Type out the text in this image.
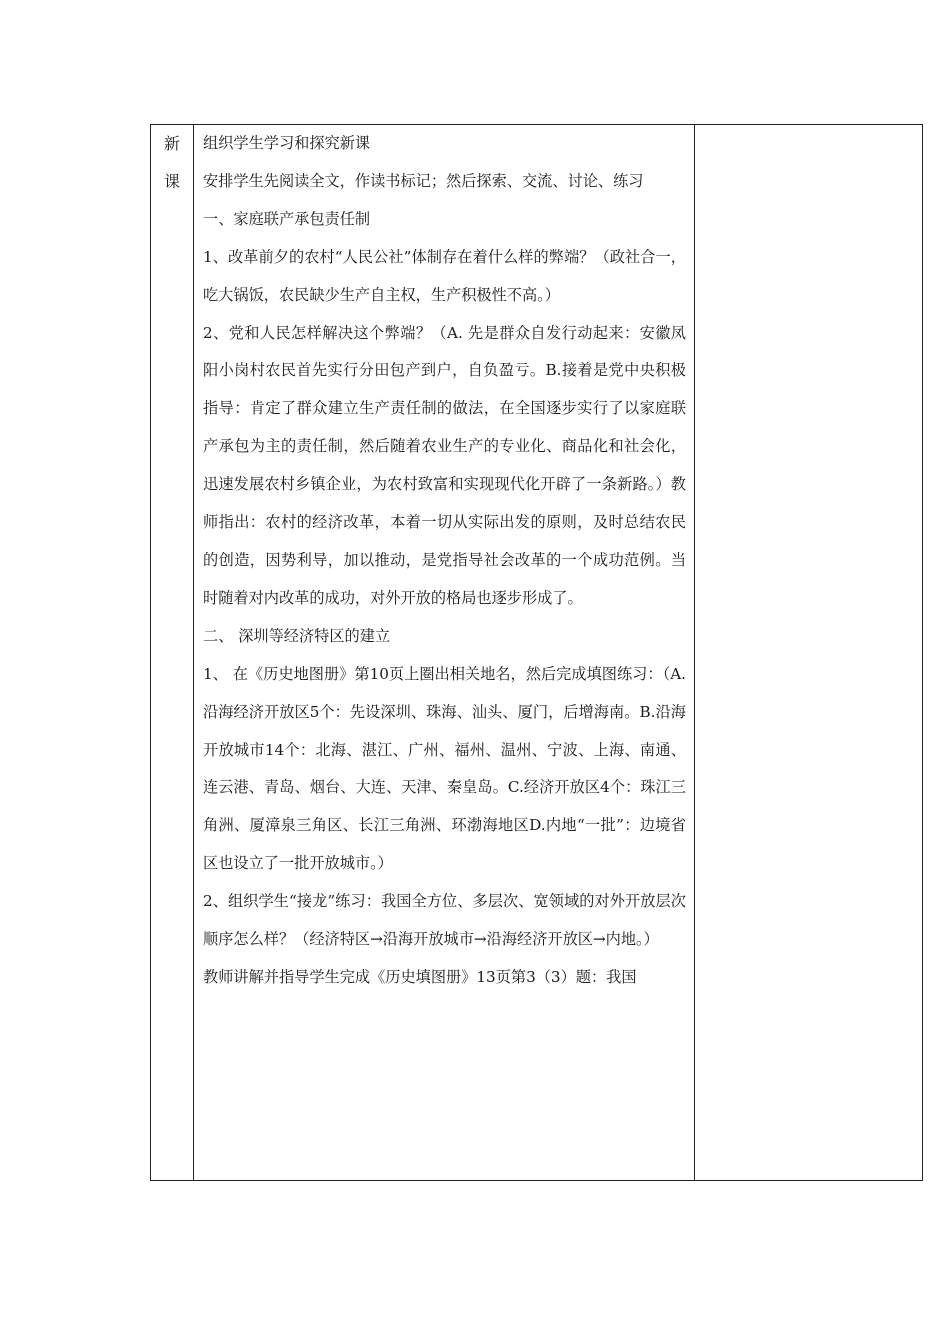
新
课

组织学生学习和探究新课

安排学生先阅读全文，作读书标记；然后探索、交流、讨论、练习

一、家庭联产承包责任制

1、改革前夕的农村“人民公社”体制存在着什么样的弊端？（政社合一，吃大锅饭，农民缺少生产自主权，生产积极性不高。）

2、党和人民怎样解决这个弊端？（A. 先是群众自发行动起来：安徽凤阳小岗村农民首先实行分田包产到户，自负盈亏。B.接着是党中央积极指导：肯定了群众建立生产责任制的做法，在全国逐步实行了以家庭联产承包为主的责任制，然后随着农业生产的专业化、商品化和社会化，迅速发展农村乡镇企业，为农村致富和实现现代化开辟了一条新路。）教师指出：农村的经济改革，本着一切从实际出发的原则，及时总结农民的创造，因势利导，加以推动，是党指导社会改革的一个成功范例。当时随着对内改革的成功，对外开放的格局也逐步形成了。

二、 深圳等经济特区的建立

1、 在《历史地图册》第10页上圈出相关地名，然后完成填图练习：（A.沿海经济开放区5个：先设深圳、珠海、汕头、厦门，后增海南。B.沿海开放城市14个：北海、湛江、广州、福州、温州、宁波、上海、南通、连云港、青岛、烟台、大连、天津、秦皇岛。C.经济开放区4个：珠江三角洲、厦漳泉三角区、长江三角洲、环渤海地区D.内地“一批”：边境省区也设立了一批开放城市。）

2、组织学生“接龙”练习：我国全方位、多层次、宽领域的对外开放层次顺序怎么样？（经济特区→沿海开放城市→沿海经济开放区→内地。）

教师讲解并指导学生完成《历史填图册》13页第3（3）题：我国
